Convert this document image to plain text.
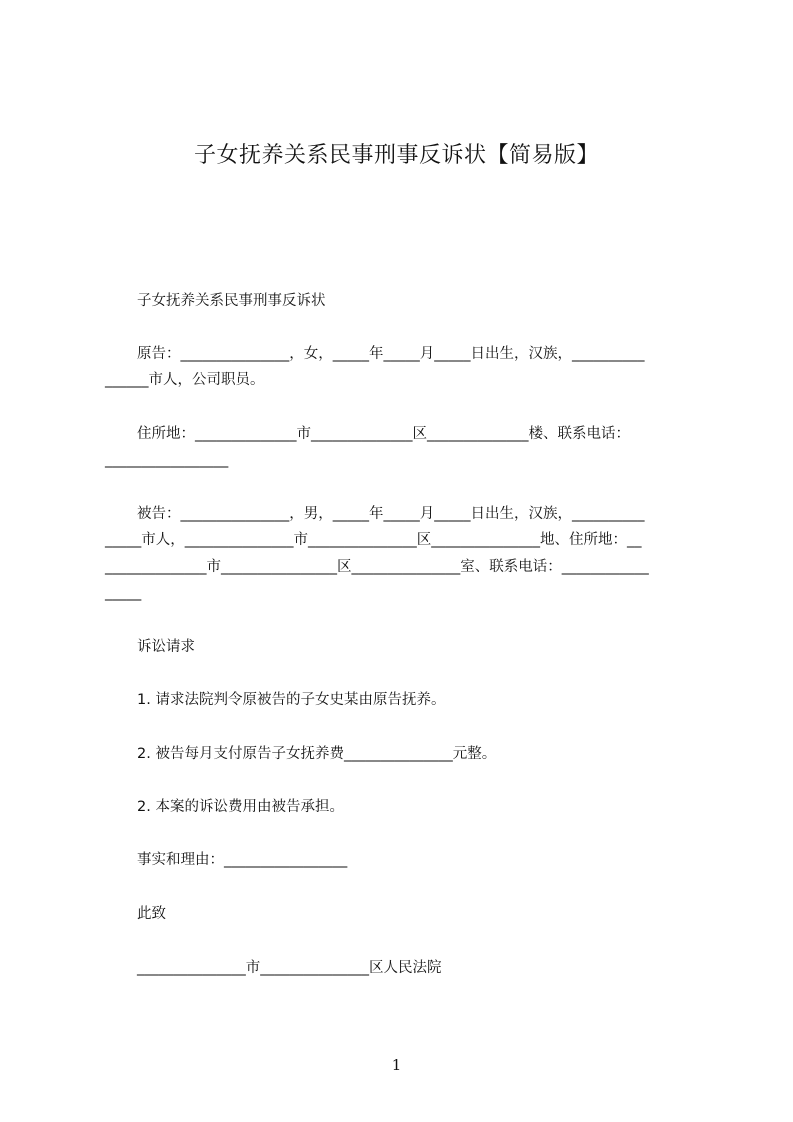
子女抚养关系民事刑事反诉状【简易版】
子女抚养关系民事刑事反诉状
原告：_______________，女，_____年_____月_____日出生，汉族，__________
______市人，公司职员。
住所地：______________市______________区______________楼、联系电话：
_________________
被告：_______________，男，_____年_____月_____日出生，汉族，__________
_____市人，_______________市_______________区_______________地、住所地：__
______________市________________区_______________室、联系电话：____________
_____
诉讼请求
1. 请求法院判令原被告的子女史某由原告抚养。
2. 被告每月支付原告子女抚养费_______________元整。
2. 本案的诉讼费用由被告承担。
事实和理由：_________________
此致
_______________市_______________区人民法院
1
